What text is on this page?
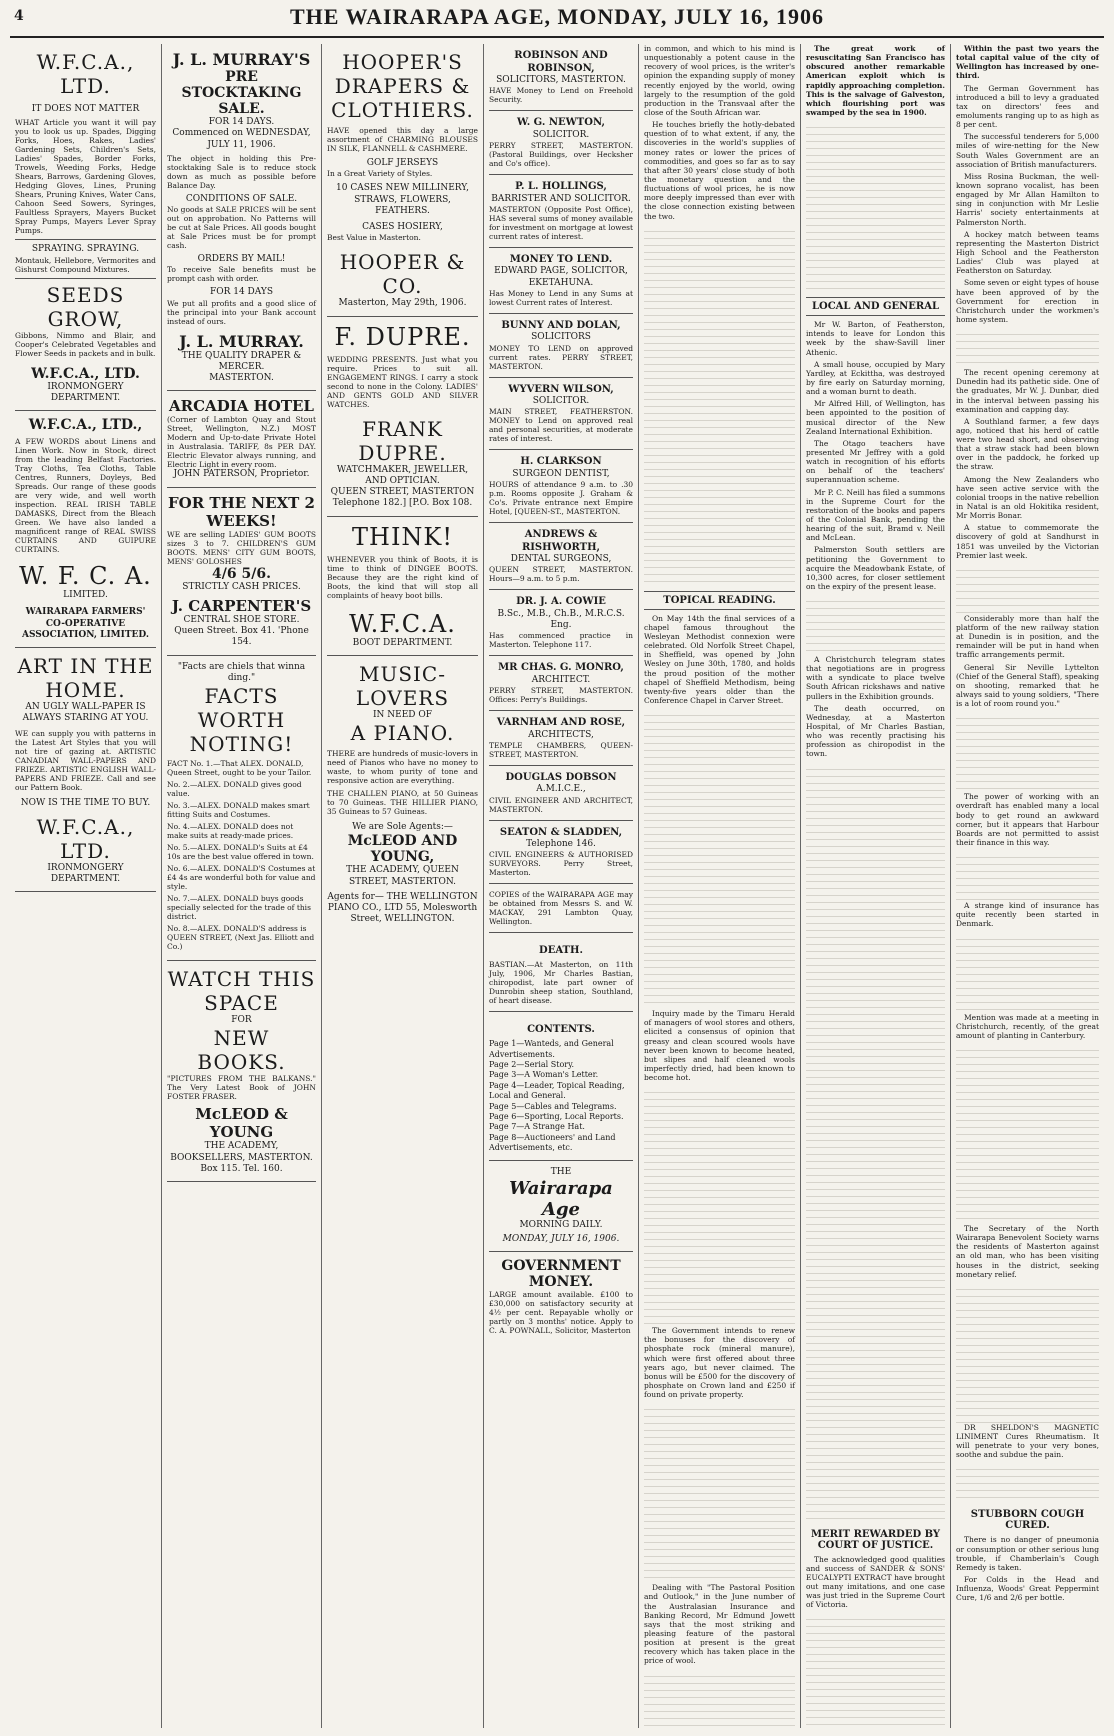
4	THE WAIRARAPA AGE, MONDAY, JULY 16, 1906
W.F.C.A., LTD.
IT DOES NOT MATTER
WHAT Article you want it will pay you to look us up. Spades, Digging Forks, Hoes, Rakes, Ladies' Gardening Sets, Children's Sets, Ladies' Spades, Border Forks, Trowels, Weeding Forks, Hedge Shears, Barrows, Gardening Gloves, Hedging Gloves, Lines, Pruning Shears, Pruning Knives, Water Cans, Cahoon Seed Sowers, Syringes, Faultless Sprayers, Mayers Bucket Spray Pumps, Mayers Lever Spray Pumps.
SPRAYING. SPRAYING.
Montauk, Hellebore, Vermorites and Gishurst Compound Mixtures.
SEEDS GROW,
Gibbons, Nimmo and Blair, and Cooper's Celebrated Vegetables and Flower Seeds in packets and in bulk.
W.F.C.A., LTD.
IRONMONGERY DEPARTMENT.
W.F.C.A., LTD.,
A FEW WORDS about Linens and Linen Work. Now in Stock, direct from the leading Belfast Factories. Tray Cloths, Tea Cloths, Table Centres, Runners, Doyleys, Bed Spreads. Our range of these goods are very wide, and well worth inspection. REAL IRISH TABLE DAMASKS, Direct from the Bleach Green. We have also landed a magnificent range of REAL SWISS CURTAINS AND GUIPURE CURTAINS.
W. F. C. A.
LIMITED.
WAIRARAPA FARMERS' CO-OPERATIVE ASSOCIATION, LIMITED.
ART IN THE HOME.
AN UGLY WALL-PAPER IS ALWAYS STARING AT YOU.
WE can supply you with patterns in the Latest Art Styles that you will not tire of gazing at. ARTISTIC CANADIAN WALL-PAPERS AND FRIEZE. ARTISTIC ENGLISH WALL-PAPERS AND FRIEZE. Call and see our Pattern Book.
NOW IS THE TIME TO BUY.
W.F.C.A., LTD.
IRONMONGERY DEPARTMENT.
J. L. MURRAY'S
PRE STOCKTAKING SALE.
FOR 14 DAYS.
Commenced on WEDNESDAY, JULY 11, 1906.
The object in holding this Pre-stocktaking Sale is to reduce stock down as much as possible before Balance Day.
CONDITIONS OF SALE.
No goods at SALE PRICES will be sent out on approbation. No Patterns will be cut at Sale Prices. All goods bought at Sale Prices must be for prompt cash.
ORDERS BY MAIL!
To receive Sale benefits must be prompt cash with order.
FOR 14 DAYS
We put all profits and a good slice of the principal into your Bank account instead of ours.
J. L. MURRAY.
THE QUALITY DRAPER & MERCER.
MASTERTON.
ARCADIA HOTEL
(Corner of Lambton Quay and Stout Street, Wellington, N.Z.) MOST Modern and Up-to-date Private Hotel in Australasia. TARIFF, 8s PER DAY. Electric Elevator always running, and Electric Light in every room.
JOHN PATERSON, Proprietor.
FOR THE NEXT 2 WEEKS!
WE are selling LADIES' GUM BOOTS sizes 3 to 7. CHILDREN'S GUM BOOTS. MENS' CITY GUM BOOTS, MENS' GOLOSHES
4/6 5/6.
STRICTLY CASH PRICES.
J. CARPENTER'S
CENTRAL SHOE STORE.
Queen Street. Box 41. 'Phone 154.
"Facts are chiels that winna ding."
FACTS WORTH NOTING!
FACT No. 1.—That ALEX. DONALD, Queen Street, ought to be your Tailor.
No. 2.—ALEX. DONALD gives good value.
No. 3.—ALEX. DONALD makes smart fitting Suits and Costumes.
No. 4.—ALEX. DONALD does not make suits at ready-made prices.
No. 5.—ALEX. DONALD's Suits at £4 10s are the best value offered in town.
No. 6.—ALEX. DONALD'S Costumes at £4 4s are wonderful both for value and style.
No. 7.—ALEX. DONALD buys goods specially selected for the trade of this district.
No. 8.—ALEX. DONALD'S address is QUEEN STREET, (Next Jas. Elliott and Co.)
WATCH THIS SPACE
FOR
NEW BOOKS.
"PICTURES FROM THE BALKANS." The Very Latest Book of JOHN FOSTER FRASER.
McLEOD & YOUNG
THE ACADEMY, BOOKSELLERS, MASTERTON. Box 115. Tel. 160.
HOOPER'S
DRAPERS & CLOTHIERS.
HAVE opened this day a large assortment of CHARMING BLOUSES IN SILK, FLANNELL & CASHMERE.
GOLF JERSEYS
In a Great Variety of Styles.
10 CASES NEW MILLINERY, STRAWS, FLOWERS, FEATHERS.
CASES HOSIERY,
Best Value in Masterton.
HOOPER & CO.
Masterton, May 29th, 1906.
F. DUPRE.
WEDDING PRESENTS. Just what you require. Prices to suit all. ENGAGEMENT RINGS. I carry a stock second to none in the Colony. LADIES' AND GENTS GOLD AND SILVER WATCHES.
FRANK DUPRE.
WATCHMAKER, JEWELLER, AND OPTICIAN.
QUEEN STREET, MASTERTON
Telephone 182.] [P.O. Box 108.
THINK!
WHENEVER you think of Boots, it is time to think of DINGEE BOOTS. Because they are the right kind of Boots, the kind that will stop all complaints of heavy boot bills.
W.F.C.A.
BOOT DEPARTMENT.
MUSIC-LOVERS
IN NEED OF
A PIANO.
THERE are hundreds of music-lovers in need of Pianos who have no money to waste, to whom purity of tone and responsive action are everything.
THE CHALLEN PIANO, at 50 Guineas to 70 Guineas. THE HILLIER PIANO, 35 Guineas to 57 Guineas.
We are Sole Agents:—
McLEOD AND YOUNG,
THE ACADEMY, QUEEN STREET, MASTERTON.
Agents for— THE WELLINGTON PIANO CO., LTD 55, Molesworth Street, WELLINGTON.
ROBINSON AND ROBINSON,
SOLICITORS, MASTERTON.
HAVE Money to Lend on Freehold Security.
W. G. NEWTON,
SOLICITOR.
PERRY STREET, MASTERTON. (Pastoral Buildings, over Hecksher and Co's office).
P. L. HOLLINGS,
BARRISTER AND SOLICITOR.
MASTERTON (Opposite Post Office), HAS several sums of money available for investment on mortgage at lowest current rates of interest.
MONEY TO LEND.
EDWARD PAGE, SOLICITOR, EKETAHUNA.
Has Money to Lend in any Sums at lowest Current rates of Interest.
BUNNY AND DOLAN,
SOLICITORS
MONEY TO LEND on approved current rates. PERRY STREET, MASTERTON.
WYVERN WILSON,
SOLICITOR.
MAIN STREET, FEATHERSTON. MONEY to Lend on approved real and personal securities, at moderate rates of interest.
H. CLARKSON
SURGEON DENTIST,
HOURS of attendance 9 a.m. to .30 p.m. Rooms opposite J. Graham & Co's. Private entrance next Empire Hotel, [QUEEN-ST., MASTERTON.
ANDREWS & RISHWORTH,
DENTAL SURGEONS,
QUEEN STREET, MASTERTON. Hours—9 a.m. to 5 p.m.
DR. J. A. COWIE
B.Sc., M.B., Ch.B., M.R.C.S. Eng.
Has commenced practice in Masterton. Telephone 117.
MR CHAS. G. MONRO,
ARCHITECT.
PERRY STREET, MASTERTON. Offices: Perry's Buildings.
VARNHAM AND ROSE,
ARCHITECTS,
TEMPLE CHAMBERS, QUEEN-STREET, MASTERTON.
DOUGLAS DOBSON
A.M.I.C.E.,
CIVIL ENGINEER AND ARCHITECT, MASTERTON.
SEATON & SLADDEN,
Telephone 146.
CIVIL ENGINEERS & AUTHORISED SURVEYORS. Perry Street, Masterton.
COPIES of the WAIRARAPA AGE may be obtained from Messrs S. and W. MACKAY, 291 Lambton Quay, Wellington.
DEATH.
BASTIAN.—At Masterton, on 11th July, 1906, Mr Charles Bastian, chiropodist, late part owner of Dunrobin sheep station, Southland, of heart disease.
CONTENTS.
Page 1—Wanteds, and General Advertisements.
Page 2—Serial Story.
Page 3—A Woman's Letter.
Page 4—Leader, Topical Reading, Local and General.
Page 5—Cables and Telegrams.
Page 6—Sporting, Local Reports.
Page 7—A Strange Hat.
Page 8—Auctioneers' and Land Advertisements, etc.
THE
Wairarapa Age
MORNING DAILY.
MONDAY, JULY 16, 1906.
GOVERNMENT MONEY.
LARGE amount available. £100 to £30,000 on satisfactory security at 4½ per cent. Repayable wholly or partly on 3 months' notice. Apply to C. A. POWNALL, Solicitor, Masterton

in common, and which to his mind is unquestionably a potent cause in the recovery of wool prices, is the writer's opinion the expanding supply of money recently enjoyed by the world, owing largely to the resumption of the gold production in the Transvaal after the close of the South African war.

He touches briefly the hotly-debated question of to what extent, if any, the discoveries in the world's supplies of money rates or lower the prices of commodities, and goes so far as to say that after 30 years' close study of both the monetary question and the fluctuations of wool prices, he is now more deeply impressed than ever with the close connection existing between the two.

TOPICAL READING.

On May 14th the final services of a chapel famous throughout the Wesleyan Methodist connexion were celebrated. Old Norfolk Street Chapel, in Sheffield, was opened by John Wesley on June 30th, 1780, and holds the proud position of the mother chapel of Sheffield Methodism, being twenty-five years older than the Conference Chapel in Carver Street.

Inquiry made by the Timaru Herald of managers of wool stores and others, elicited a consensus of opinion that greasy and clean scoured wools have never been known to become heated, but slipes and half cleaned wools imperfectly dried, had been known to become hot.

The Government intends to renew the bonuses for the discovery of phosphate rock (mineral manure), which were first offered about three years ago, but never claimed. The bonus will be £500 for the discovery of phosphate on Crown land and £250 if found on private property.

Dealing with "The Pastoral Position and Outlook," in the June number of the Australasian Insurance and Banking Record, Mr Edmund Jowett says that the most striking and pleasing feature of the pastoral position at present is the great recovery which has taken place in the price of wool.

The great work of resuscitating San Francisco has obscured another remarkable American exploit which is rapidly approaching completion. This is the salvage of Galveston, which flourishing port was swamped by the sea in 1900.

LOCAL AND GENERAL

Mr W. Barton, of Featherston, intends to leave for London this week by the shaw-Savill liner Athenic.

A small house, occupied by Mary Yardley, at Eckittha, was destroyed by fire early on Saturday morning, and a woman burnt to death.

Mr Alfred Hill, of Wellington, has been appointed to the position of musical director of the New Zealand International Exhibition.

The Otago teachers have presented Mr Jeffrey with a gold watch in recognition of his efforts on behalf of the teachers' superannuation scheme.

Mr P. C. Neill has filed a summons in the Supreme Court for the restoration of the books and papers of the Colonial Bank, pending the hearing of the suit, Bramd v. Neill and McLean.

Palmerston South settlers are petitioning the Government to acquire the Meadowbank Estate, of 10,300 acres, for closer settlement on the expiry of the present lease.

A Christchurch telegram states that negotiations are in progress with a syndicate to place twelve South African rickshaws and native pullers in the Exhibition grounds.

The death occurred, on Wednesday, at a Masterton Hospital, of Mr Charles Bastian, who was recently practising his profession as chiropodist in the town.

MERIT REWARDED BY COURT OF JUSTICE.

The acknowledged good qualities and success of SANDER & SONS' EUCALYPTI EXTRACT have brought out many imitations, and one case was just tried in the Supreme Court of Victoria.

Within the past two years the total capital value of the city of Wellington has increased by one-third.

The German Government has introduced a bill to levy a graduated tax on directors' fees and emoluments ranging up to as high as 8 per cent.

The successful tenderers for 5,000 miles of wire-netting for the New South Wales Government are an association of British manufacturers.

Miss Rosina Buckman, the well-known soprano vocalist, has been engaged by Mr Allan Hamilton to sing in conjunction with Mr Leslie Harris' society entertainments at Palmerston North.

A hockey match between teams representing the Masterton District High School and the Featherston Ladies' Club was played at Featherston on Saturday.

Some seven or eight types of house have been approved of by the Government for erection in Christchurch under the workmen's home system.

The recent opening ceremony at Dunedin had its pathetic side. One of the graduates, Mr W. J. Dunbar, died in the interval between passing his examination and capping day.

A Southland farmer, a few days ago, noticed that his herd of cattle were two head short, and observing that a straw stack had been blown over in the paddock, he forked up the straw.

Among the New Zealanders who have seen active service with the colonial troops in the native rebellion in Natal is an old Hokitika resident, Mr Morris Bonar.

A statue to commemorate the discovery of gold at Sandhurst in 1851 was unveiled by the Victorian Premier last week.

Considerably more than half the platform of the new railway station at Dunedin is in position, and the remainder will be put in hand when traffic arrangements permit.

General Sir Neville Lyttelton (Chief of the General Staff), speaking on shooting, remarked that he always said to young soldiers, "There is a lot of room round you."

The power of working with an overdraft has enabled many a local body to get round an awkward corner, but it appears that Harbour Boards are not permitted to assist their finance in this way.

A strange kind of insurance has quite recently been started in Denmark.

Mention was made at a meeting in Christchurch, recently, of the great amount of planting in Canterbury.

The Secretary of the North Wairarapa Benevolent Society warns the residents of Masterton against an old man, who has been visiting houses in the district, seeking monetary relief.

DR SHELDON'S MAGNETIC LINIMENT Cures Rheumatism. It will penetrate to your very bones, soothe and subdue the pain.

STUBBORN COUGH CURED.

There is no danger of pneumonia or consumption or other serious lung trouble, if Chamberlain's Cough Remedy is taken.

For Colds in the Head and Influenza, Woods' Great Peppermint Cure, 1/6 and 2/6 per bottle.
